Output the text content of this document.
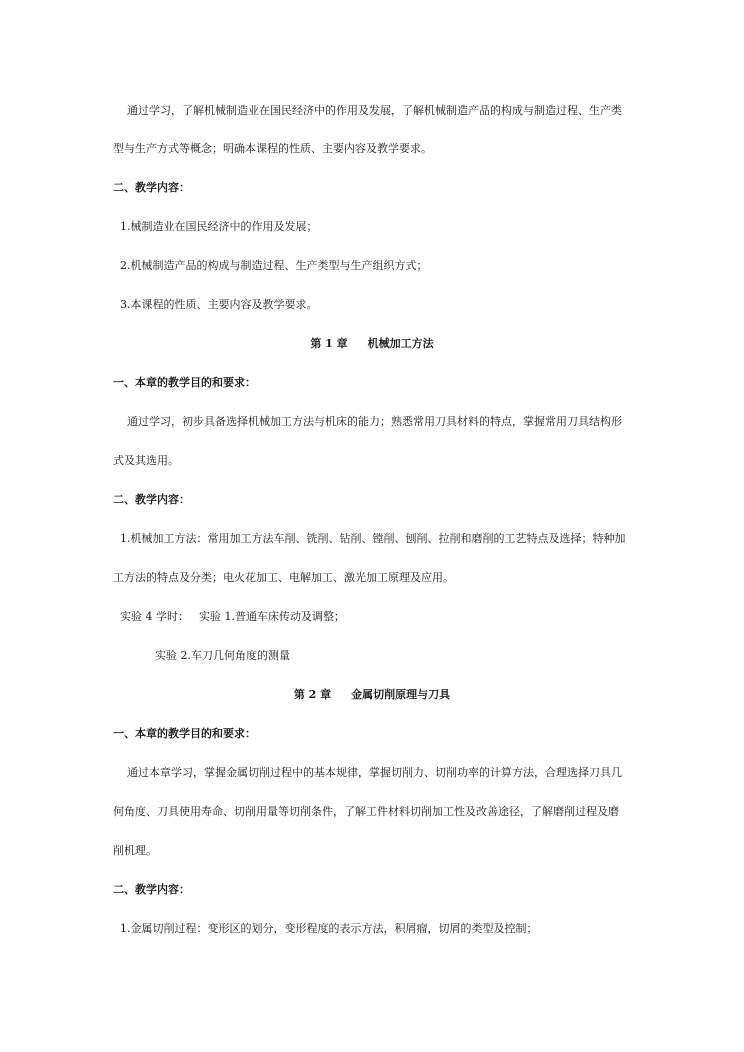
通过学习，了解机械制造业在国民经济中的作用及发展，了解机械制造产品的构成与制造过程、生产类
型与生产方式等概念；明确本课程的性质、主要内容及教学要求。
二、教学内容：
1.械制造业在国民经济中的作用及发展；
2.机械制造产品的构成与制造过程、生产类型与生产组织方式；
3.本课程的性质、主要内容及教学要求。
第 1 章 机械加工方法
一、本章的教学目的和要求：
通过学习，初步具备选择机械加工方法与机床的能力；熟悉常用刀具材料的特点，掌握常用刀具结构形
式及其选用。
二、教学内容：
1.机械加工方法：常用加工方法车削、铣削、钻削、镗削、刨削、拉削和磨削的工艺特点及选择；特种加
工方法的特点及分类；电火花加工、电解加工、激光加工原理及应用。
实验 4 学时： 实验 1.普通车床传动及调整；
实验 2.车刀几何角度的测量
第 2 章 金属切削原理与刀具
一、本章的教学目的和要求：
通过本章学习，掌握金属切削过程中的基本规律，掌握切削力、切削功率的计算方法，合理选择刀具几
何角度、刀具使用寿命、切削用量等切削条件，了解工件材料切削加工性及改善途径，了解磨削过程及磨
削机理。
二、教学内容：
1.金属切削过程：变形区的划分，变形程度的表示方法，积屑瘤，切屑的类型及控制；
